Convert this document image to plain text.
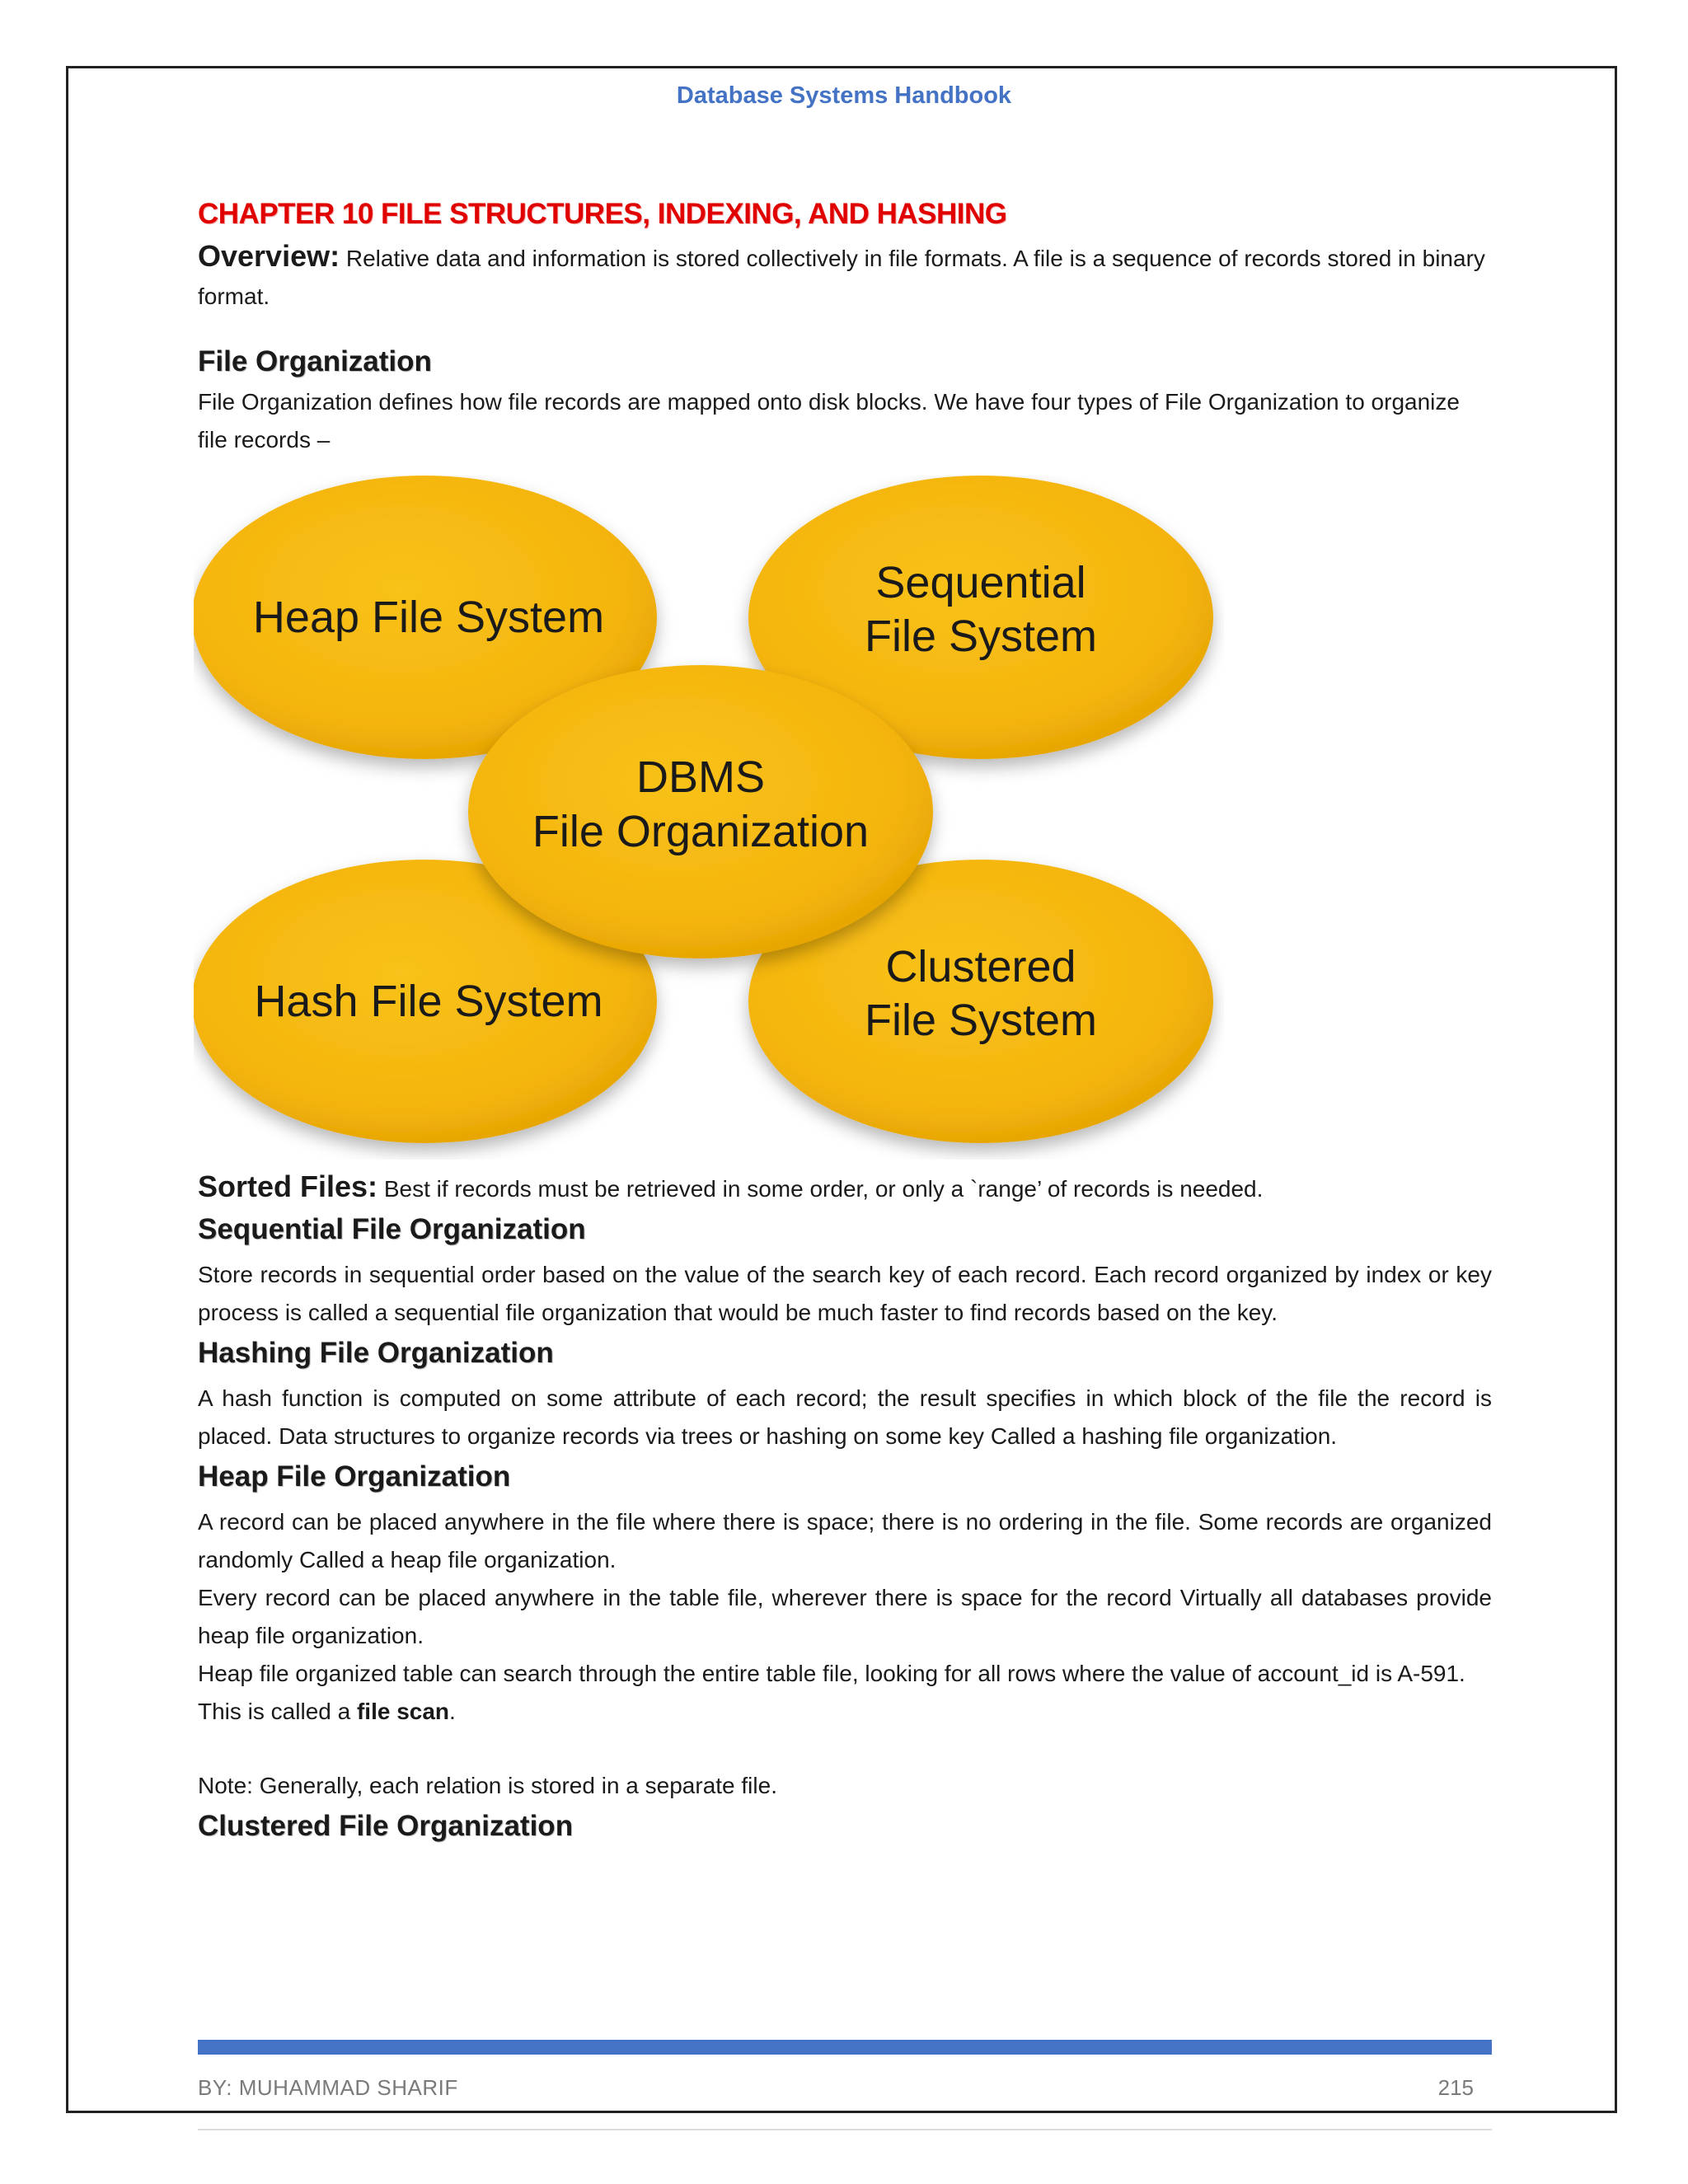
Database Systems Handbook
CHAPTER 10 FILE STRUCTURES, INDEXING, AND HASHING

Overview: Relative data and information is stored collectively in file formats. A file is a sequence of records stored in binary format.

File Organization

File Organization defines how file records are mapped onto disk blocks. We have four types of File Organization to organize file records –

Heap File System
Sequential
File System
Hash File System
Clustered
File System
DBMS
File Organization

Sorted Files: Best if records must be retrieved in some order, or only a `range’ of records is needed.

Sequential File Organization

Store records in sequential order based on the value of the search key of each record. Each record organized by index or key process is called a sequential file organization that would be much faster to find records based on the key.

Hashing File Organization

A hash function is computed on some attribute of each record; the result specifies in which block of the file the record is placed. Data structures to organize records via trees or hashing on some key Called a hashing file organization.

Heap File Organization

A record can be placed anywhere in the file where there is space; there is no ordering in the file. Some records are organized randomly Called a heap file organization.

Every record can be placed anywhere in the table file, wherever there is space for the record Virtually all databases provide heap file organization.

Heap file organized table can search through the entire table file, looking for all rows where the value of account_id is A-591. This is called a file scan.

Note: Generally, each relation is stored in a separate file.

Clustered File Organization
BY: MUHAMMAD SHARIF	215
